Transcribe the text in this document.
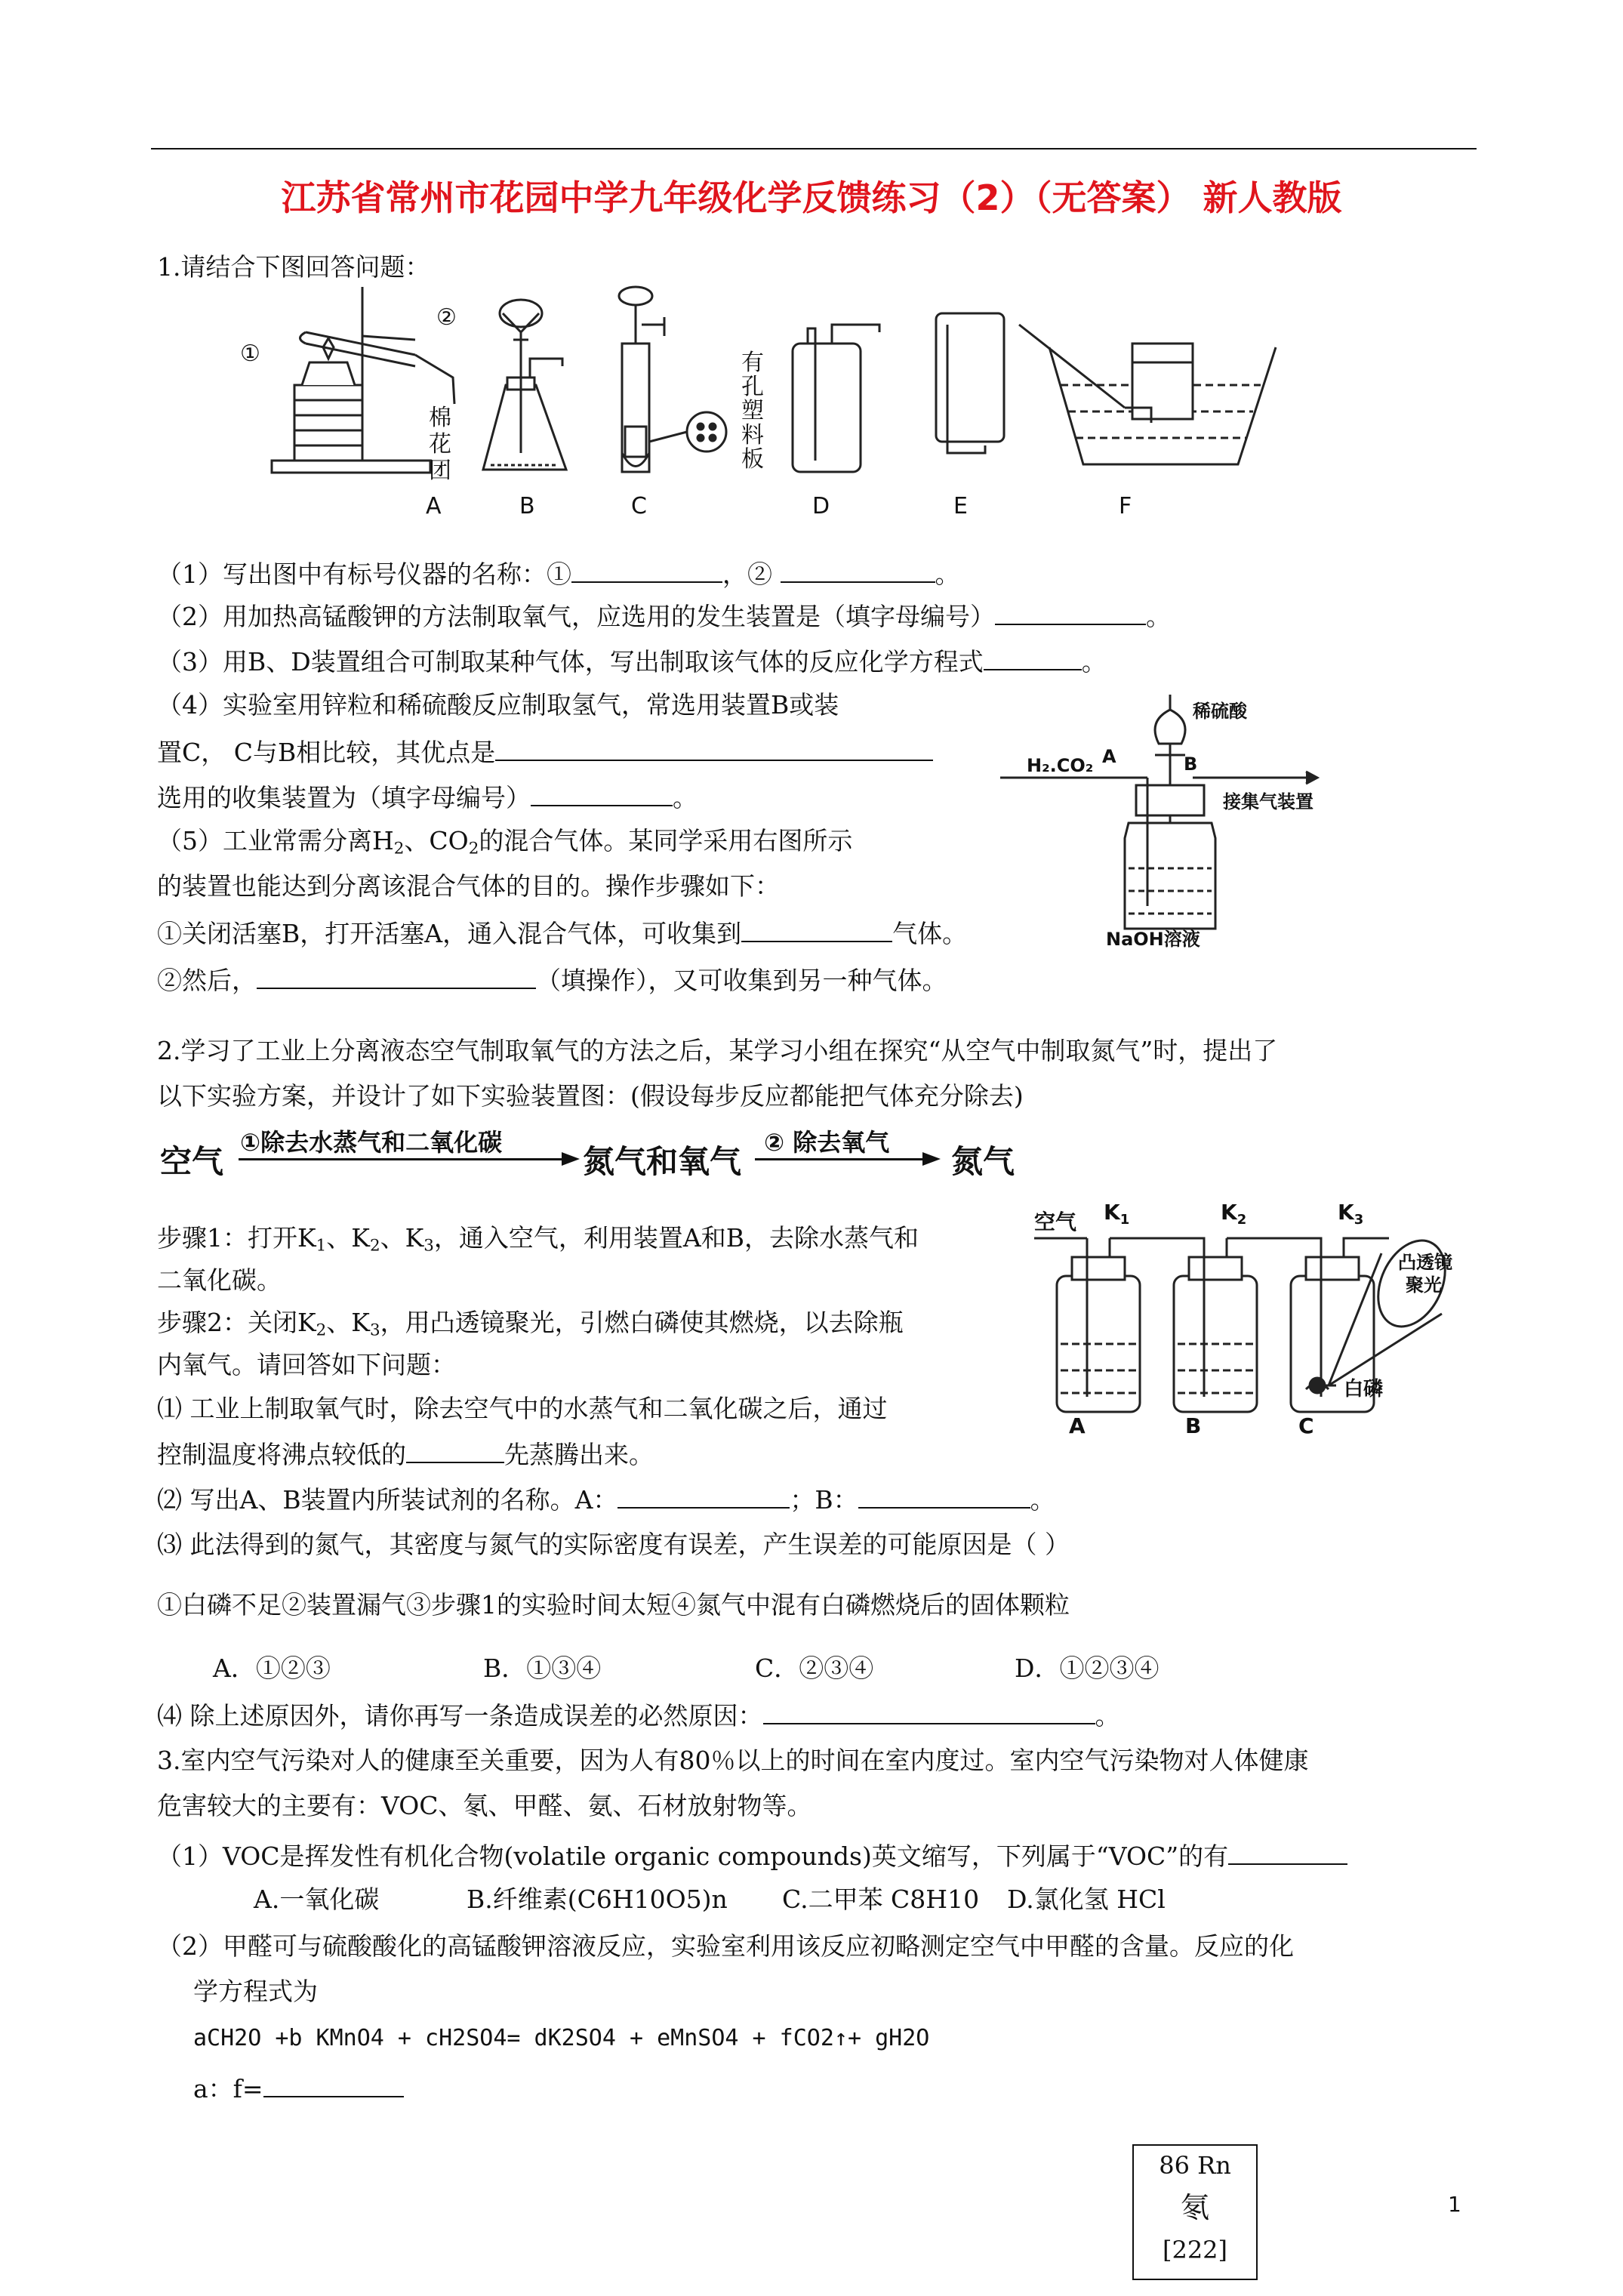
江苏省常州市花园中学九年级化学反馈练习（2）（无答案） 新人教版
1.请结合下图回答问题：
①
②
A	B	C	D	E	F
棉
花
团
有
孔
塑
料
板
（1）写出图中有标号仪器的名称：①	，②	。
（2）用加热高锰酸钾的方法制取氧气，应选用的发生装置是（填字母编号）	。
（3）用B、D装置组合可制取某种气体，写出制取该气体的反应化学方程式	。
（4）实验室用锌粒和稀硫酸反应制取氢气，常选用装置B或装
置C， C与B相比较，其优点是
选用的收集装置为（填字母编号）	。
（5）工业常需分离$H_2$、$CO_2$的混合气体。某同学采用右图所示
的装置也能达到分离该混合气体的目的。操作步骤如下：
①关闭活塞B，打开活塞A，通入混合气体，可收集到	气体。
②然后，	（填操作），又可收集到另一种气体。
稀硫酸
H₂.CO₂ A	B
接集气装置
NaOH溶液
2.学习了工业上分离液态空气制取氧气的方法之后，某学习小组在探究“从空气中制取氮气”时，提出了
以下实验方案，并设计了如下实验装置图：(假设每步反应都能把气体充分除去)
空气
①除去水蒸气和二氧化碳
氮气和氧气
② 除去氧气
氮气
步骤1：打开$K_1$、$K_2$、$K_3$，通入空气，利用装置A和B，去除水蒸气和
二氧化碳。
步骤2：关闭$K_2$、$K_3$，用凸透镜聚光，引燃白磷使其燃烧，以去除瓶
内氧气。请回答如下问题：
⑴ 工业上制取氧气时，除去空气中的水蒸气和二氧化碳之后，通过
控制温度将沸点较低的	先蒸腾出来。
⑵ 写出A、B装置内所装试剂的名称。A：	；B：	。
⑶ 此法得到的氮气，其密度与氮气的实际密度有误差，产生误差的可能原因是（ ）
①白磷不足②装置漏气③步骤1的实验时间太短④氮气中混有白磷燃烧后的固体颗粒
A．①②③	B．①③④	C．②③④	D．①②③④
⑷ 除上述原因外，请你再写一条造成误差的必然原因：	。
空气 $K_1$	$K_2$	$K_3$
凸透镜
聚光
白磷
A	B	C
3.室内空气污染对人的健康至关重要，因为人有80％以上的时间在室内度过。室内空气污染物对人体健康
危害较大的主要有：VOC、氡、甲醛、氨、石材放射物等。
（1）VOC是挥发性有机化合物(volatile organic compounds)英文缩写，下列属于“VOC”的有
A.一氧化碳	B.纤维素(C6H10O5)n C.二甲苯 C8H10 D.氯化氢 HCl
（2）甲醛可与硫酸酸化的高锰酸钾溶液反应，实验室利用该反应初略测定空气中甲醛的含量。反应的化
学方程式为
aCH2O +b KMnO4 + cH2SO4= dK2SO4 + eMnSO4 + fCO2↑+ gH2O
a：f=
86 Rn
氡
[222]
1
